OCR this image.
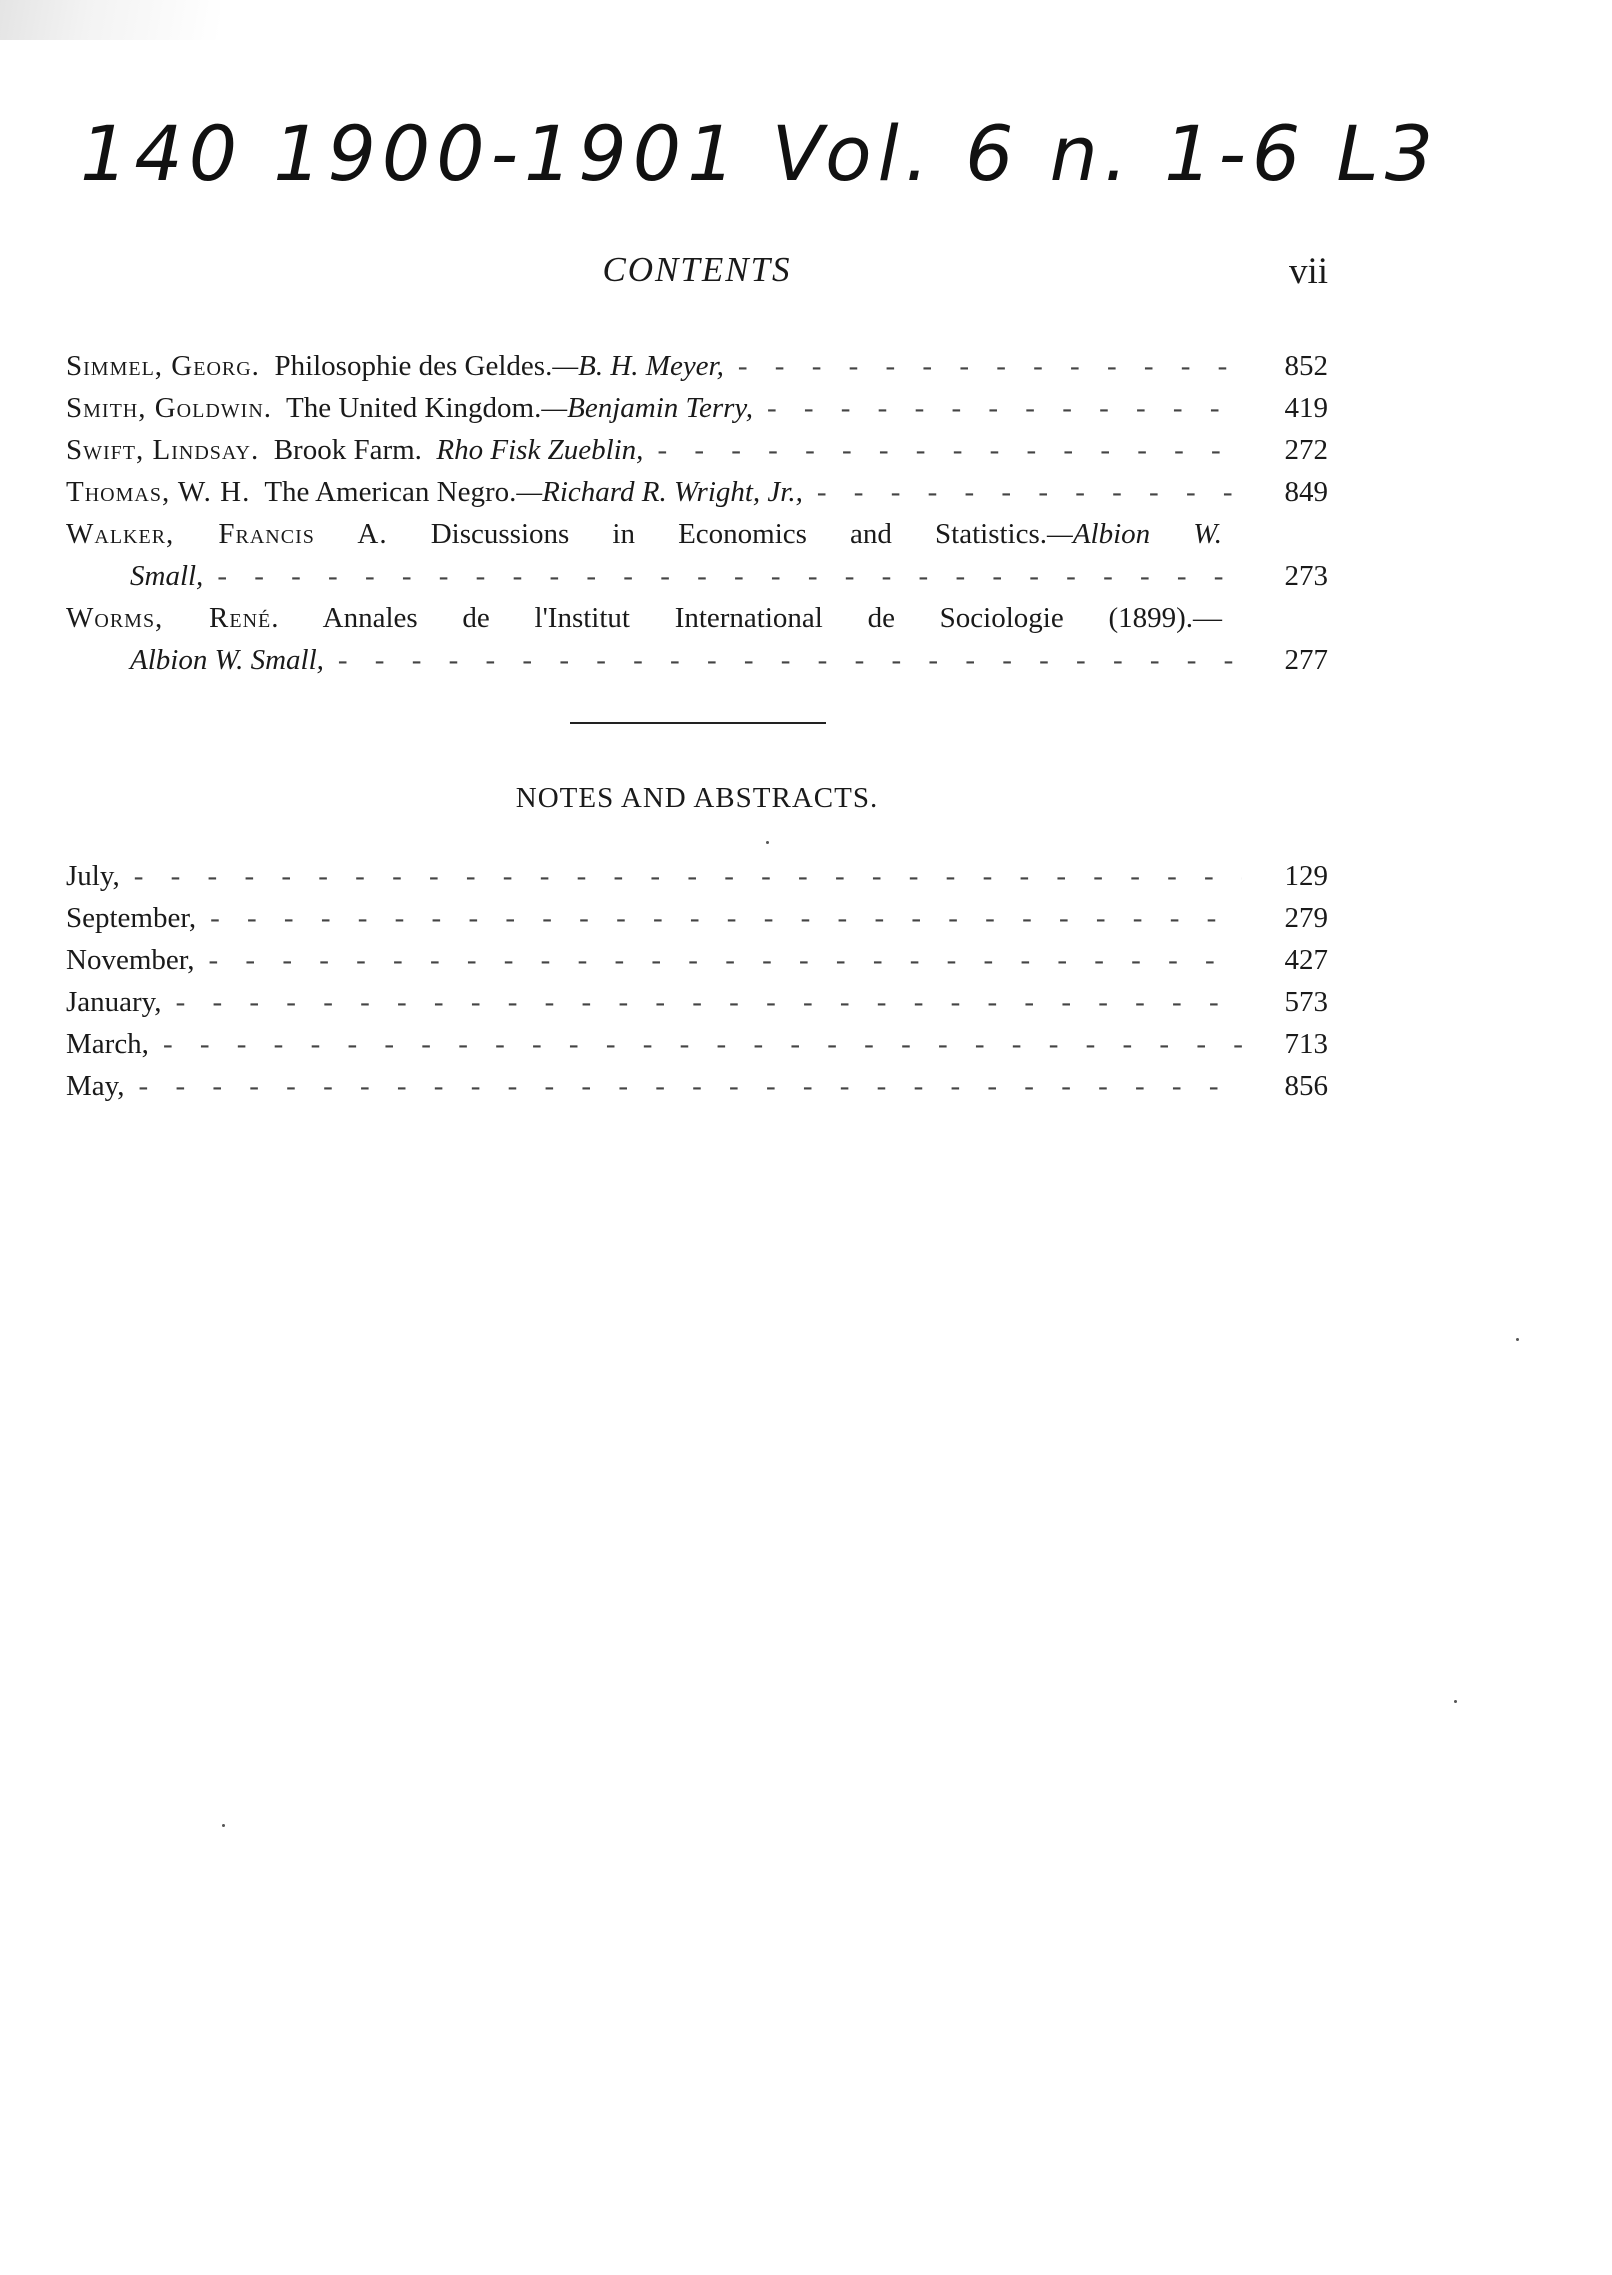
140 1900-1901 Vol. 6 n. 1-6 L3
CONTENTS	vii
Simmel, Georg. Philosophie des Geldes.—B. H. Meyer, - - -	852
Smith, Goldwin. The United Kingdom.—Benjamin Terry, - - -	419
Swift, Lindsay. Brook Farm. Rho Fisk Zueblin, - - -	272
Thomas, W. H. The American Negro.—Richard R. Wright, Jr., - - -	849
Walker, Francis A. Discussions in Economics and Statistics.—Albion W.
Small, - - -	273
Worms, René. Annales de l'Institut International de Sociologie (1899).—
Albion W. Small, - - -	277
NOTES AND ABSTRACTS.
July, - - -	129
September, - - -	279
November, - - -	427
January, - - -	573
March, - - -	713
May, - - -	856
